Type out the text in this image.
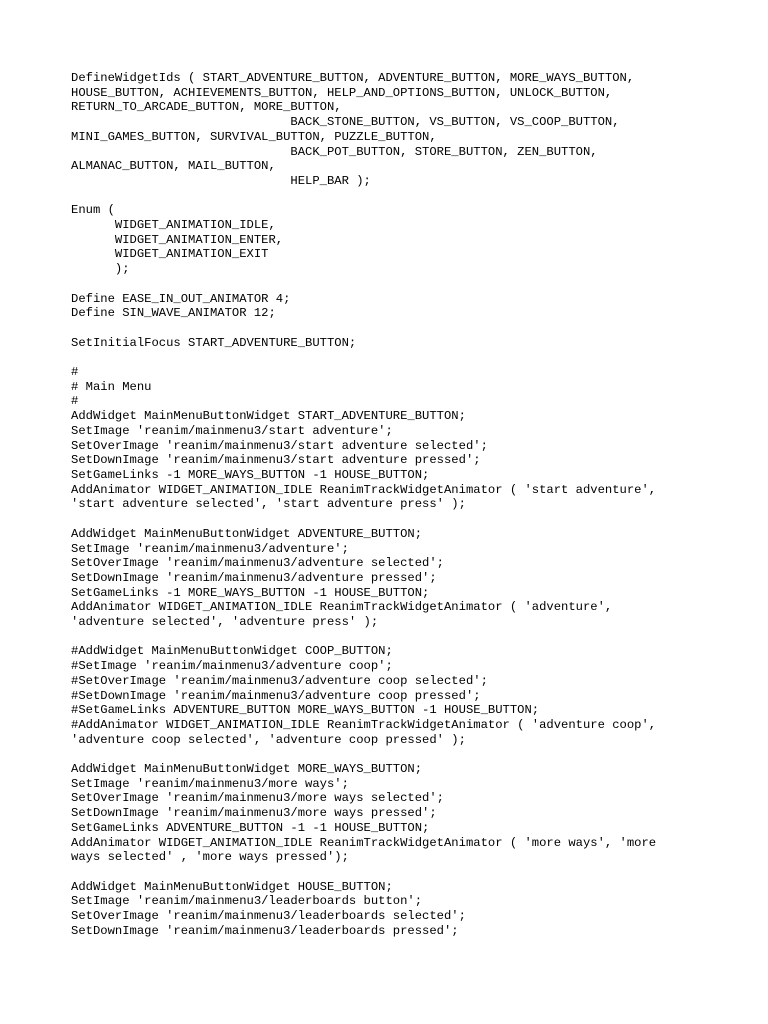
DefineWidgetIds ( START_ADVENTURE_BUTTON, ADVENTURE_BUTTON, MORE_WAYS_BUTTON,
HOUSE_BUTTON, ACHIEVEMENTS_BUTTON, HELP_AND_OPTIONS_BUTTON, UNLOCK_BUTTON,
RETURN_TO_ARCADE_BUTTON, MORE_BUTTON,
BACK_STONE_BUTTON, VS_BUTTON, VS_COOP_BUTTON,
MINI_GAMES_BUTTON, SURVIVAL_BUTTON, PUZZLE_BUTTON,
BACK_POT_BUTTON, STORE_BUTTON, ZEN_BUTTON,
ALMANAC_BUTTON, MAIL_BUTTON,
HELP_BAR );

Enum (
WIDGET_ANIMATION_IDLE,
WIDGET_ANIMATION_ENTER,
WIDGET_ANIMATION_EXIT
);

Define EASE_IN_OUT_ANIMATOR 4;
Define SIN_WAVE_ANIMATOR 12;

SetInitialFocus START_ADVENTURE_BUTTON;

#
# Main Menu
#
AddWidget MainMenuButtonWidget START_ADVENTURE_BUTTON;
SetImage 'reanim/mainmenu3/start adventure';
SetOverImage 'reanim/mainmenu3/start adventure selected';
SetDownImage 'reanim/mainmenu3/start adventure pressed';
SetGameLinks -1 MORE_WAYS_BUTTON -1 HOUSE_BUTTON;
AddAnimator WIDGET_ANIMATION_IDLE ReanimTrackWidgetAnimator ( 'start adventure',
'start adventure selected', 'start adventure press' );

AddWidget MainMenuButtonWidget ADVENTURE_BUTTON;
SetImage 'reanim/mainmenu3/adventure';
SetOverImage 'reanim/mainmenu3/adventure selected';
SetDownImage 'reanim/mainmenu3/adventure pressed';
SetGameLinks -1 MORE_WAYS_BUTTON -1 HOUSE_BUTTON;
AddAnimator WIDGET_ANIMATION_IDLE ReanimTrackWidgetAnimator ( 'adventure',
'adventure selected', 'adventure press' );

#AddWidget MainMenuButtonWidget COOP_BUTTON;
#SetImage 'reanim/mainmenu3/adventure coop';
#SetOverImage 'reanim/mainmenu3/adventure coop selected';
#SetDownImage 'reanim/mainmenu3/adventure coop pressed';
#SetGameLinks ADVENTURE_BUTTON MORE_WAYS_BUTTON -1 HOUSE_BUTTON;
#AddAnimator WIDGET_ANIMATION_IDLE ReanimTrackWidgetAnimator ( 'adventure coop',
'adventure coop selected', 'adventure coop pressed' );

AddWidget MainMenuButtonWidget MORE_WAYS_BUTTON;
SetImage 'reanim/mainmenu3/more ways';
SetOverImage 'reanim/mainmenu3/more ways selected';
SetDownImage 'reanim/mainmenu3/more ways pressed';
SetGameLinks ADVENTURE_BUTTON -1 -1 HOUSE_BUTTON;
AddAnimator WIDGET_ANIMATION_IDLE ReanimTrackWidgetAnimator ( 'more ways', 'more
ways selected' , 'more ways pressed');

AddWidget MainMenuButtonWidget HOUSE_BUTTON;
SetImage 'reanim/mainmenu3/leaderboards button';
SetOverImage 'reanim/mainmenu3/leaderboards selected';
SetDownImage 'reanim/mainmenu3/leaderboards pressed';
